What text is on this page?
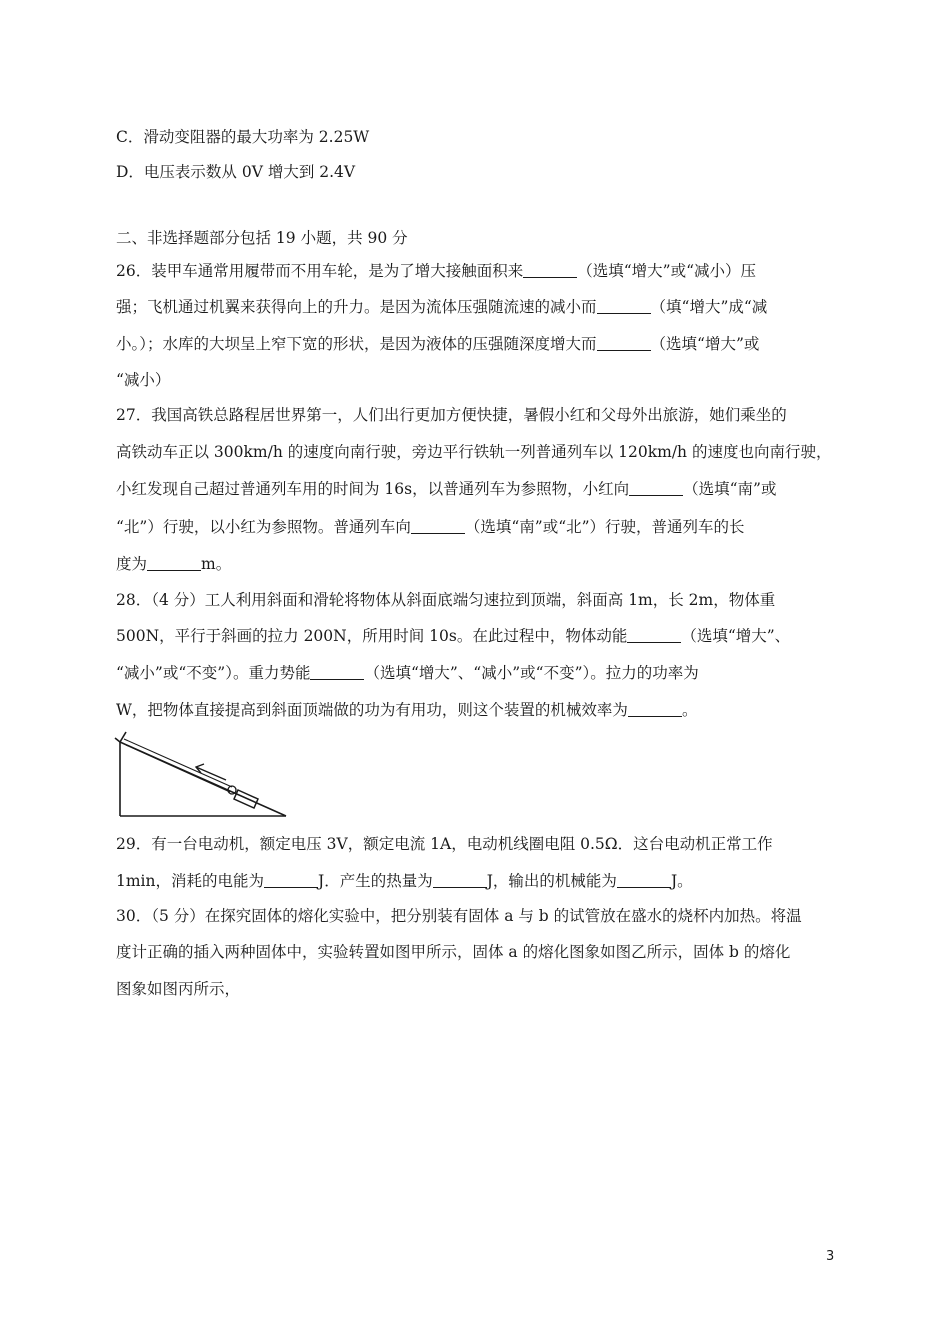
C．滑动变阻器的最大功率为 2.25W
D．电压表示数从 0V 增大到 2.4V
二、非选择题部分包括 19 小题，共 90 分
26．装甲车通常用履带而不用车轮，是为了增大接触面积来	（选填“增大”或“减小）压
强；飞机通过机翼来获得向上的升力。是因为流体压强随流速的减小而	（填“增大”成“减
小。）；水库的大坝呈上窄下宽的形状，是因为液体的压强随深度增大而	（选填“增大”或
“减小）
27．我国高铁总路程居世界第一，人们出行更加方便快捷，暑假小红和父母外出旅游，她们乘坐的
高铁动车正以 300km/h 的速度向南行驶，旁边平行铁轨一列普通列车以 120km/h 的速度也向南行驶，
小红发现自己超过普通列车用的时间为 16s，以普通列车为参照物，小红向	（选填“南”或
“北”）行驶，以小红为参照物。普通列车向	（选填“南”或“北”）行驶，普通列车的长
度为	m。
28．（4 分）工人利用斜面和滑轮将物体从斜面底端匀速拉到顶端，斜面高 1m，长 2m，物体重
500N，平行于斜画的拉力 200N，所用时间 10s。在此过程中，物体动能	（选填“增大”、
“减小”或“不变”）。重力势能	（选填“增大”、“减小”或“不变”）。拉力的功率为
W，把物体直接提高到斜面顶端做的功为有用功，则这个装置的机械效率为	。
29．有一台电动机，额定电压 3V，额定电流 1A，电动机线圈电阻 0.5Ω．这台电动机正常工作
1min，消耗的电能为	J．产生的热量为	J，输出的机械能为	J。
30．（5 分）在探究固体的熔化实验中，把分别装有固体 a 与 b 的试管放在盛水的烧杯内加热。将温
度计正确的插入两种固体中，实验转置如图甲所示，固体 a 的熔化图象如图乙所示，固体 b 的熔化
图象如图丙所示，
3
